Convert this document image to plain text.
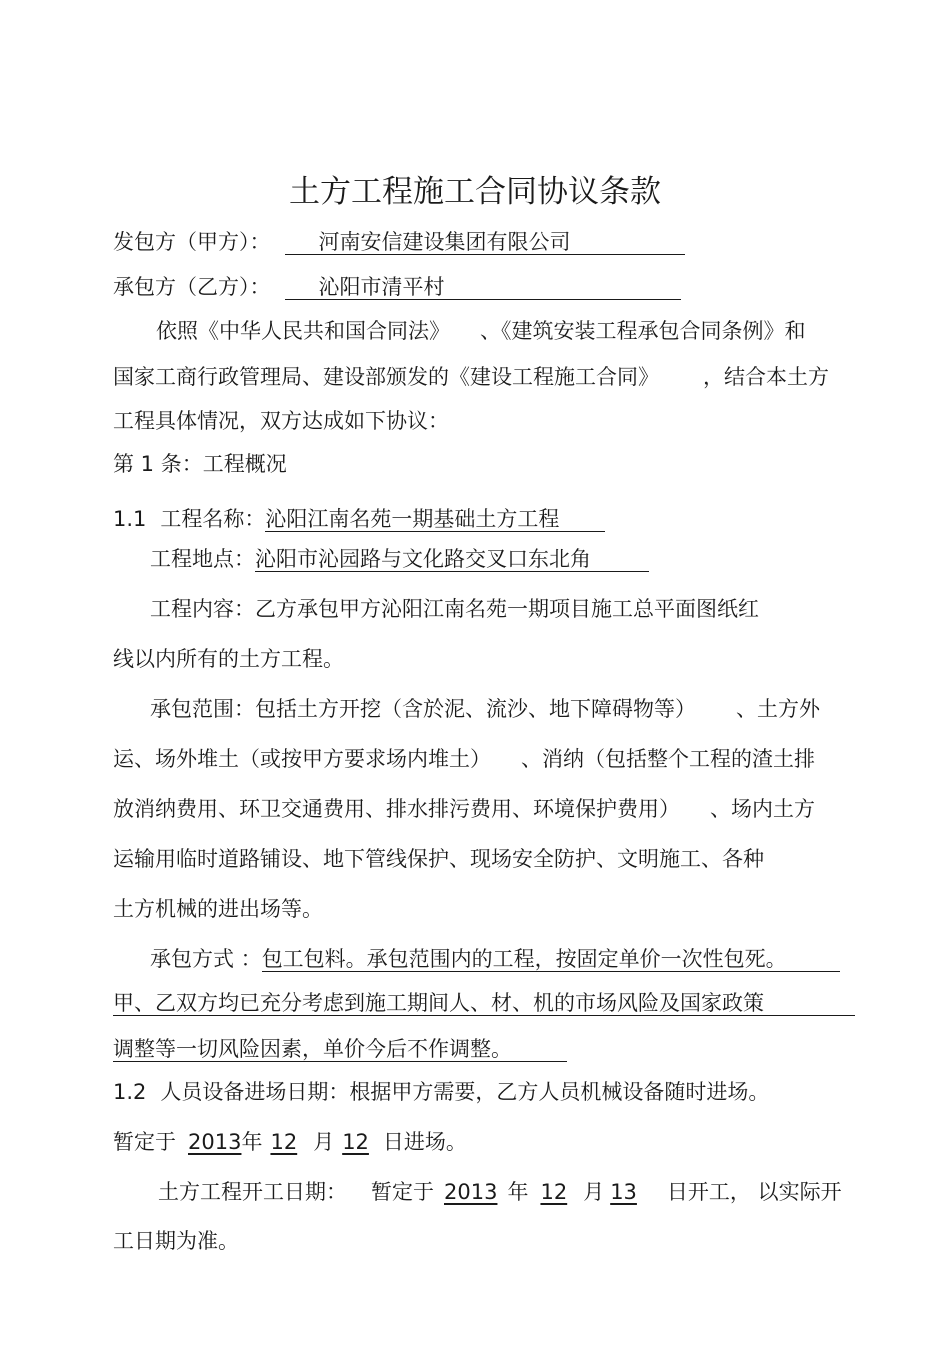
土方工程施工合同协议条款
发包方（甲方）： 河南安信建设集团有限公司
承包方（乙方）： 沁阳市清平村
依照《中华人民共和国合同法》 、《建筑安装工程承包合同条例》和
国家工商行政管理局、建设部颁发的《建设工程施工合同》 ，结合本土方
工程具体情况，双方达成如下协议：
第 1 条：工程概况
1.1 工程名称：沁阳江南名苑一期基础土方工程
工程地点：沁阳市沁园路与文化路交叉口东北角
工程内容：乙方承包甲方沁阳江南名苑一期项目施工总平面图纸红
线以内所有的土方工程。
承包范围：包括土方开挖（含於泥、流沙、地下障碍物等） 、土方外
运、场外堆土（或按甲方要求场内堆土） 、消纳（包括整个工程的渣土排
放消纳费用、环卫交通费用、排水排污费用、环境保护费用） 、场内土方
运输用临时道路铺设、地下管线保护、现场安全防护、文明施工、各种
土方机械的进出场等。
承包方式 ：包工包料。承包范围内的工程，按固定单价一次性包死。
甲、乙双方均已充分考虑到施工期间人、材、机的市场风险及国家政策
调整等一切风险因素，单价今后不作调整。
1.2 人员设备进场日期：根据甲方需要，乙方人员机械设备随时进场。
暂定于 2013年 12 月 12 日进场。
土方工程开工日期： 暂定于 2013 年 12 月 13 日开工， 以实际开
工日期为准。
